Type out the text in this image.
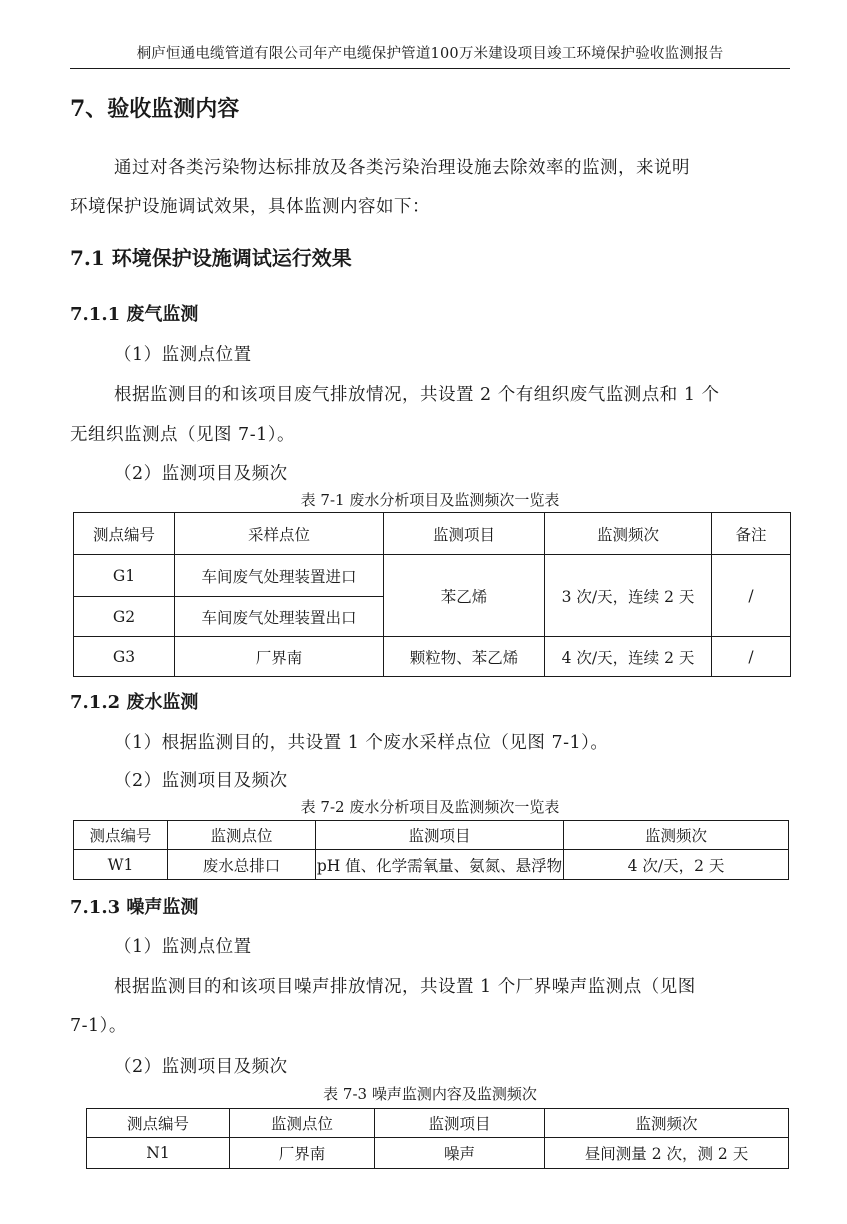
桐庐恒通电缆管道有限公司年产电缆保护管道100万米建设项目竣工环境保护验收监测报告
7、验收监测内容
通过对各类污染物达标排放及各类污染治理设施去除效率的监测，来说明
环境保护设施调试效果，具体监测内容如下：
7.1 环境保护设施调试运行效果
7.1.1 废气监测
（1）监测点位置
根据监测目的和该项目废气排放情况，共设置 2 个有组织废气监测点和 1 个
无组织监测点（见图 7-1）。
（2）监测项目及频次
表 7-1 废水分析项目及监测频次一览表
测点编号	采样点位	监测项目	监测频次	备注
G1	车间废气处理装置进口	苯乙烯	3 次/天，连续 2 天	/
G2	车间废气处理装置出口			
G3	厂界南	颗粒物、苯乙烯	4 次/天，连续 2 天	/
7.1.2 废水监测
（1）根据监测目的，共设置 1 个废水采样点位（见图 7-1）。
（2）监测项目及频次
表 7-2 废水分析项目及监测频次一览表
测点编号	监测点位	监测项目	监测频次
W1	废水总排口	pH 值、化学需氧量、氨氮、悬浮物	4 次/天，2 天
7.1.3 噪声监测
（1）监测点位置
根据监测目的和该项目噪声排放情况，共设置 1 个厂界噪声监测点（见图
7-1）。
（2）监测项目及频次
表 7-3 噪声监测内容及监测频次
测点编号	监测点位	监测项目	监测频次
N1	厂界南	噪声	昼间测量 2 次，测 2 天
